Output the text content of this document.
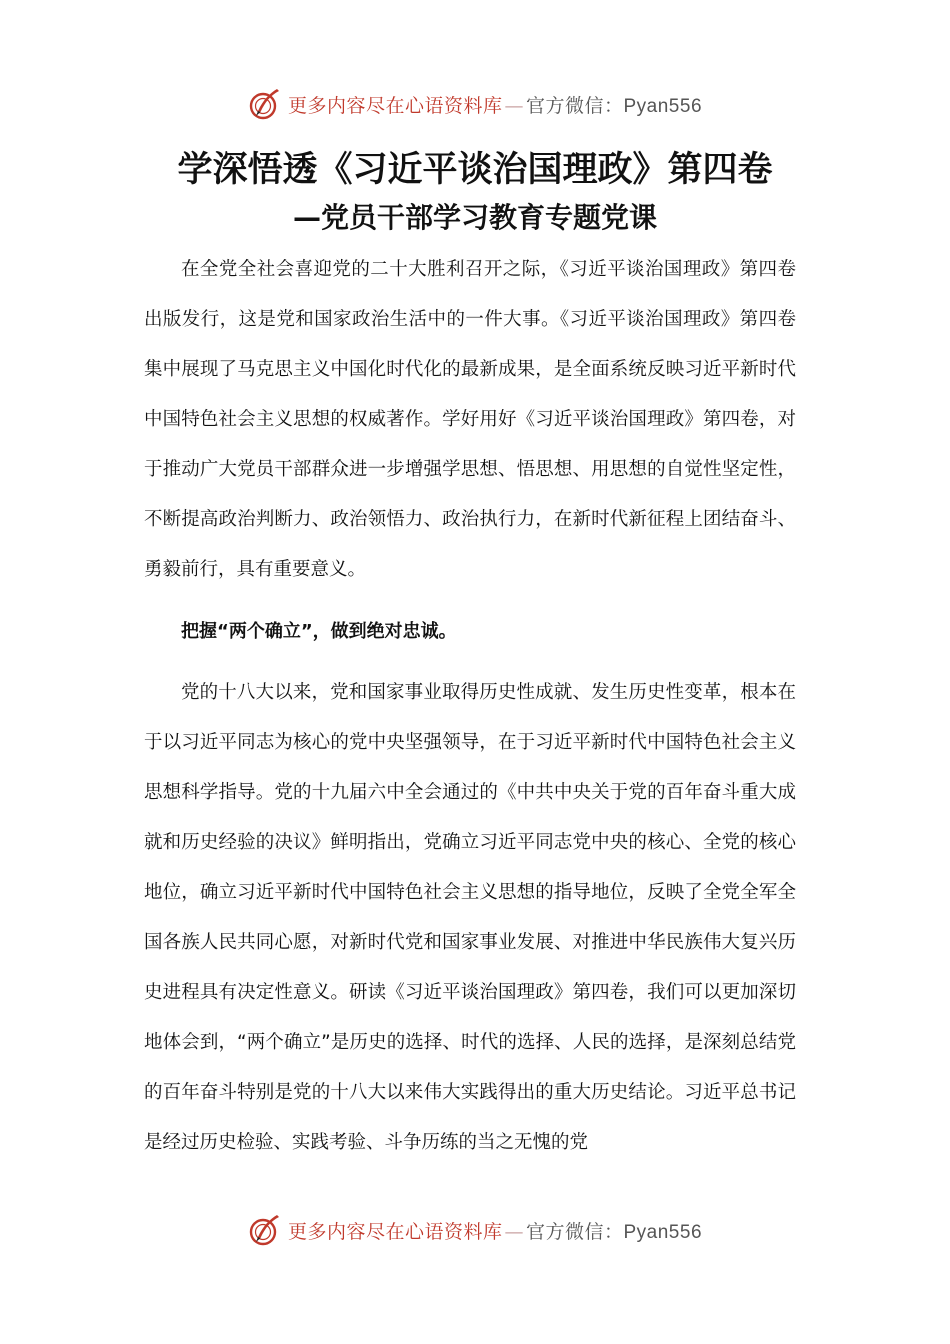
更多内容尽在心语资料库 — 官方微信：Pyan556
学深悟透《习近平谈治国理政》第四卷
—党员干部学习教育专题党课

在全党全社会喜迎党的二十大胜利召开之际，《习近平谈治国理政》第四卷出版发行，这是党和国家政治生活中的一件大事。《习近平谈治国理政》第四卷集中展现了马克思主义中国化时代化的最新成果，是全面系统反映习近平新时代中国特色社会主义思想的权威著作。学好用好《习近平谈治国理政》第四卷，对于推动广大党员干部群众进一步增强学思想、悟思想、用思想的自觉性坚定性，不断提高政治判断力、政治领悟力、政治执行力，在新时代新征程上团结奋斗、勇毅前行，具有重要意义。

把握“两个确立”，做到绝对忠诚。

党的十八大以来，党和国家事业取得历史性成就、发生历史性变革，根本在于以习近平同志为核心的党中央坚强领导，在于习近平新时代中国特色社会主义思想科学指导。党的十九届六中全会通过的《中共中央关于党的百年奋斗重大成就和历史经验的决议》鲜明指出，党确立习近平同志党中央的核心、全党的核心地位，确立习近平新时代中国特色社会主义思想的指导地位，反映了全党全军全国各族人民共同心愿，对新时代党和国家事业发展、对推进中华民族伟大复兴历史进程具有决定性意义。研读《习近平谈治国理政》第四卷，我们可以更加深切地体会到，“两个确立”是历史的选择、时代的选择、人民的选择，是深刻总结党的百年奋斗特别是党的十八大以来伟大实践得出的重大历史结论。习近平总书记是经过历史检验、实践考验、斗争历练的当之无愧的党

更多内容尽在心语资料库 — 官方微信：Pyan556
